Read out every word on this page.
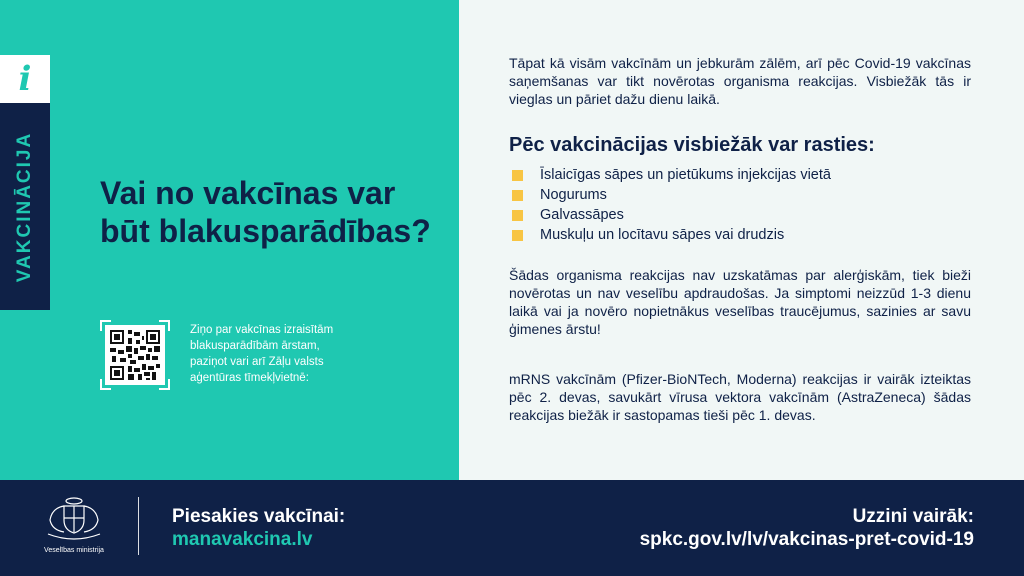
i
VAKCINĀCIJA Vai no vakcīnas var būt blakusparādības?

Ziņo par vakcīnas izraisītām blakusparādībām ārstam, paziņot vari arī Zāļu valsts aģentūras tīmekļvietnē:

Tāpat kā visām vakcīnām un jebkurām zālēm, arī pēc Covid-19 vakcīnas saņemšanas var tikt novērotas organisma reakcijas. Visbiežāk tās ir vieglas un pāriet dažu dienu laikā.

Pēc vakcinācijas visbiežāk var rasties:
Īslaicīgas sāpes un pietūkums injekcijas vietā
Nogurums
Galvassāpes
Muskuļu un locītavu sāpes vai drudzis

Šādas organisma reakcijas nav uzskatāmas par alerģiskām, tiek bieži novērotas un nav veselību apdraudošas. Ja simptomi neizzūd 1-3 dienu laikā vai ja novēro nopietnākus veselības traucējumus, sazinies ar savu ģimenes ārstu!

mRNS vakcīnām (Pfizer-BioNTech, Moderna) reakcijas ir vairāk izteiktas pēc 2. devas, savukārt vīrusa vektora vakcīnām (AstraZeneca) šādas reakcijas biežāk ir sastopamas tieši pēc 1. devas.

Veselības ministrija
Piesakies vakcīnai:
manavakcina.lv
Uzzini vairāk:
spkc.gov.lv/lv/vakcinas-pret-covid-19
